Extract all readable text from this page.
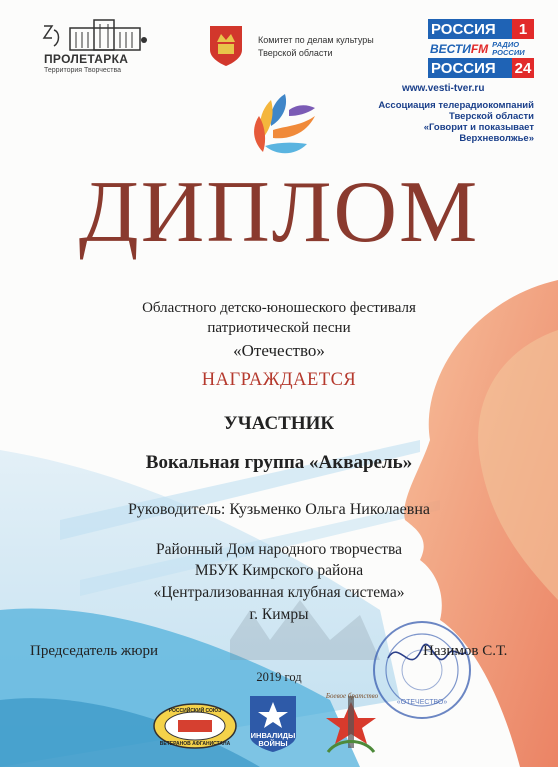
ПРОЛЕТАРКА
Территория Творчества
Комитет по делам культуры
Тверской области
РОССИЯ	1
ВЕСТИ FM РАДИО
РОССИИ
РОССИЯ 24
www.vesti-tver.ru
Ассоциация телерадиокомпаний
Тверской области
«Говорит и показывает
Верхневолжье»
ДИПЛОМ
Областного детско-юношеского фестиваля
патриотической песни
«Отечество»
НАГРАЖДАЕТСЯ
УЧАСТНИК
Вокальная группа «Акварель»
Руководитель: Кузьменко Ольга Николаевна
Районный Дом народного творчества
МБУК Кимрского района
«Централизованная клубная система»
г. Кимры
«ОТЕЧЕСТВО»
Председатель жюри	Назимов С.Т.
2019 год
РОССИЙСКИЙ СОЮЗ
ВЕТЕРАНОВ АФГАНИСТАНА
ИНВАЛИДЫ
ВОЙНЫ
Боевое братство
